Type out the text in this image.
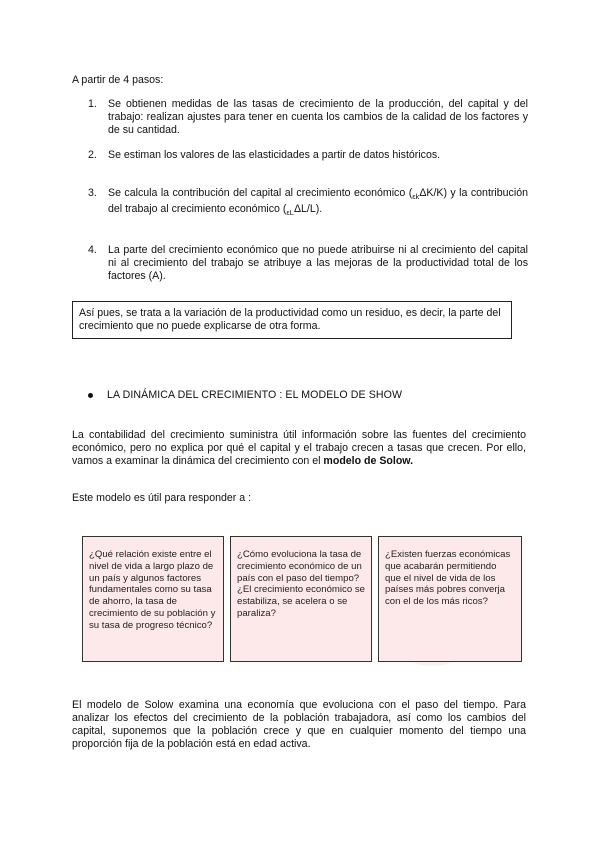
A partir de 4 pasos:
1. Se obtienen medidas de las tasas de crecimiento de la producción, del capital y del trabajo: realizan ajustes para tener en cuenta los cambios de la calidad de los factores y de su cantidad.
2. Se estiman los valores de las elasticidades a partir de datos históricos.
3. Se calcula la contribución del capital al crecimiento económico $(_{\varepsilon k}\Delta K/K)$ y la contribución del trabajo al crecimiento económico $(_{\varepsilon L}\Delta L/L)$.
4. La parte del crecimiento económico que no puede atribuirse ni al crecimiento del capital ni al crecimiento del trabajo se atribuye a las mejoras de la productividad total de los factores (A).
Así pues, se trata a la variación de la productividad como un residuo, es decir, la parte del crecimiento que no puede explicarse de otra forma.
LA DINÁMICA DEL CRECIMIENTO : EL MODELO DE SHOW
La contabilidad del crecimiento suministra útil información sobre las fuentes del crecimiento económico, pero no explica por qué el capital y el trabajo crecen a tasas que crecen. Por ello, vamos a examinar la dinámica del crecimiento con el modelo de Solow.
Este modelo es útil para responder a :
¿Qué relación existe entre el nivel de vida a largo plazo de un país y algunos factores fundamentales como su tasa de ahorro, la tasa de crecimiento de su población y su tasa de progreso técnico?
¿Cómo evoluciona la tasa de crecimiento económico de un país con el paso del tiempo? ¿El crecimiento económico se estabiliza, se acelera o se paraliza?
¿Existen fuerzas económicas que acabarán permitiendo que el nivel de vida de los países más pobres converja con el de los más ricos?
El modelo de Solow examina una economía que evoluciona con el paso del tiempo. Para analizar los efectos del crecimiento de la población trabajadora, así como los cambios del capital, suponemos que la población crece y que en cualquier momento del tiempo una proporción fija de la población está en edad activa.
